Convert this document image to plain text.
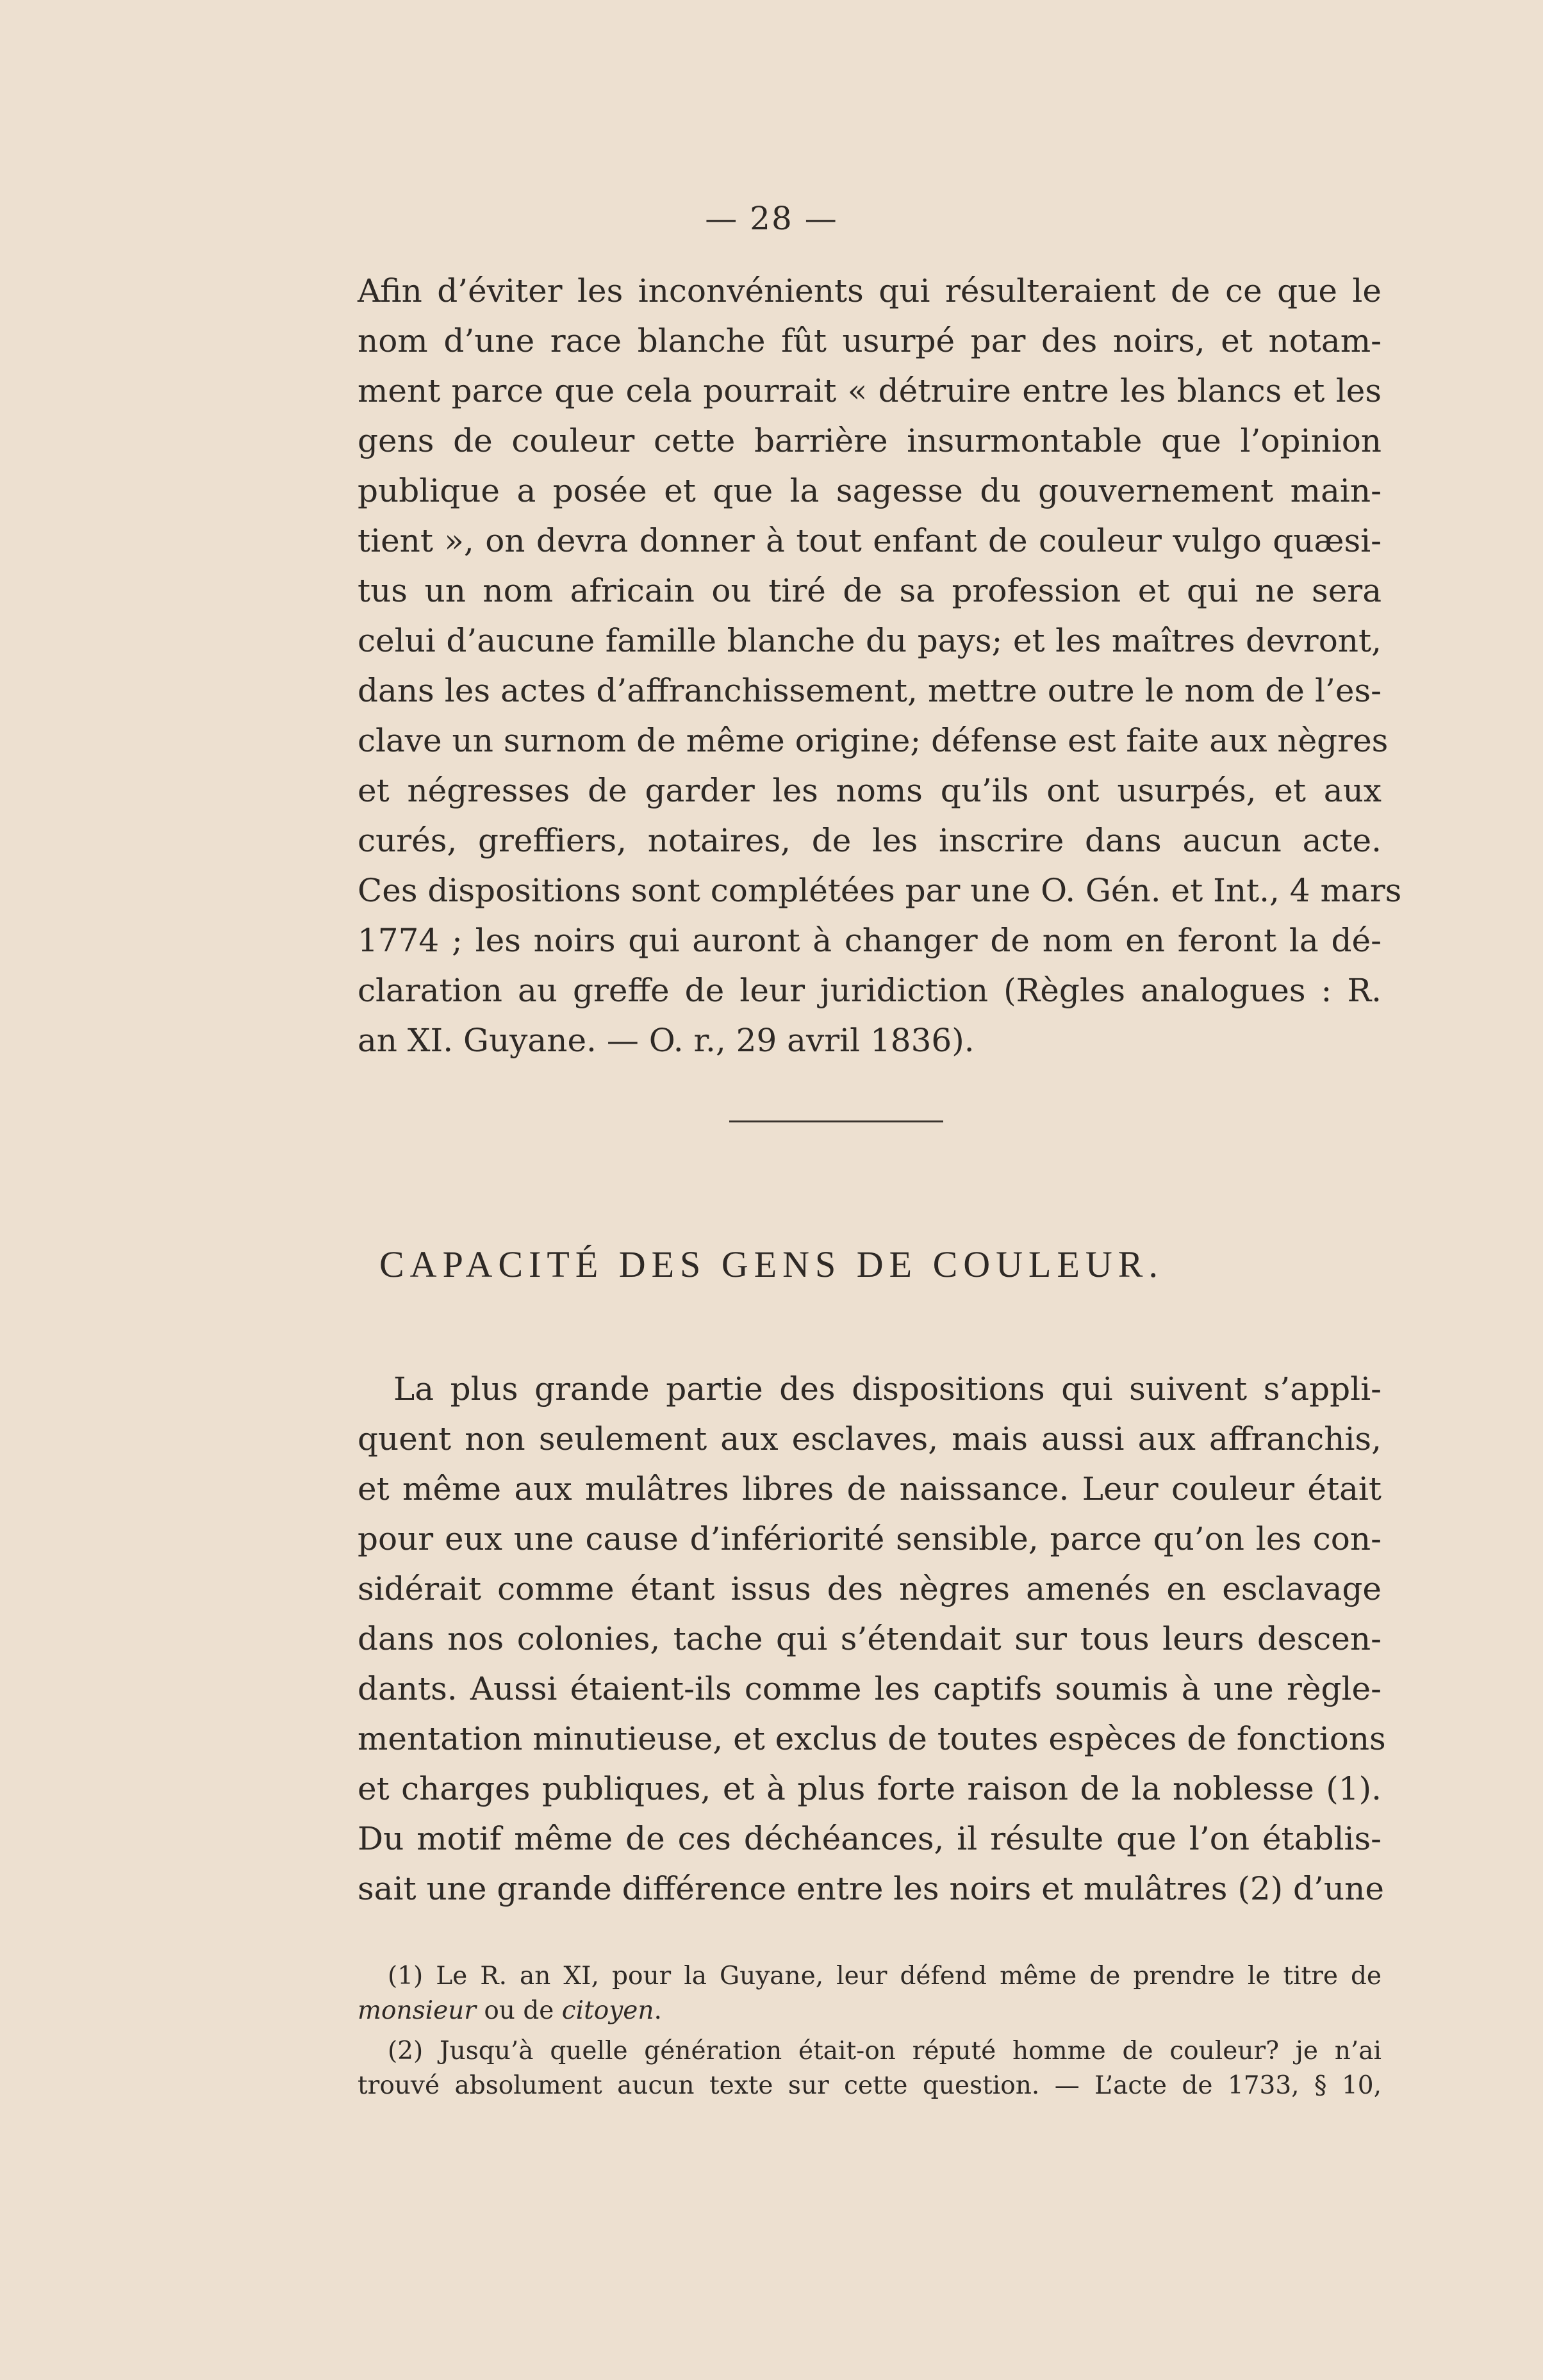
— 28 —
Afin d’éviter les inconvénients qui résulteraient de ce que le
nom d’une race blanche fût usurpé par des noirs, et notam-
ment parce que cela pourrait « détruire entre les blancs et les
gens de couleur cette barrière insurmontable que l’opinion
publique a posée et que la sagesse du gouvernement main-
tient », on devra donner à tout enfant de couleur vulgo quæsi-
tus un nom africain ou tiré de sa profession et qui ne sera
celui d’aucune famille blanche du pays; et les maîtres devront,
dans les actes d’affranchissement, mettre outre le nom de l’es-
clave un surnom de même origine; défense est faite aux nègres
et négresses de garder les noms qu’ils ont usurpés, et aux
curés, greffiers, notaires, de les inscrire dans aucun acte.
Ces dispositions sont complétées par une O. Gén. et Int., 4 mars
1774 ; les noirs qui auront à changer de nom en feront la dé-
claration au greffe de leur juridiction (Règles analogues : R.
an XI. Guyane. — O. r., 29 avril 1836).
CAPACITÉ DES GENS DE COULEUR.
La plus grande partie des dispositions qui suivent s’appli-
quent non seulement aux esclaves, mais aussi aux affranchis,
et même aux mulâtres libres de naissance. Leur couleur était
pour eux une cause d’infériorité sensible, parce qu’on les con-
sidérait comme étant issus des nègres amenés en esclavage
dans nos colonies, tache qui s’étendait sur tous leurs descen-
dants. Aussi étaient-ils comme les captifs soumis à une règle-
mentation minutieuse, et exclus de toutes espèces de fonctions
et charges publiques, et à plus forte raison de la noblesse (1).
Du motif même de ces déchéances, il résulte que l’on établis-
sait une grande différence entre les noirs et mulâtres (2) d’une
(1) Le R. an XI, pour la Guyane, leur défend même de prendre le titre de
monsieur ou de citoyen.
(2) Jusqu’à quelle génération était-on réputé homme de couleur? je n’ai
trouvé absolument aucun texte sur cette question. — L’acte de 1733, § 10,
